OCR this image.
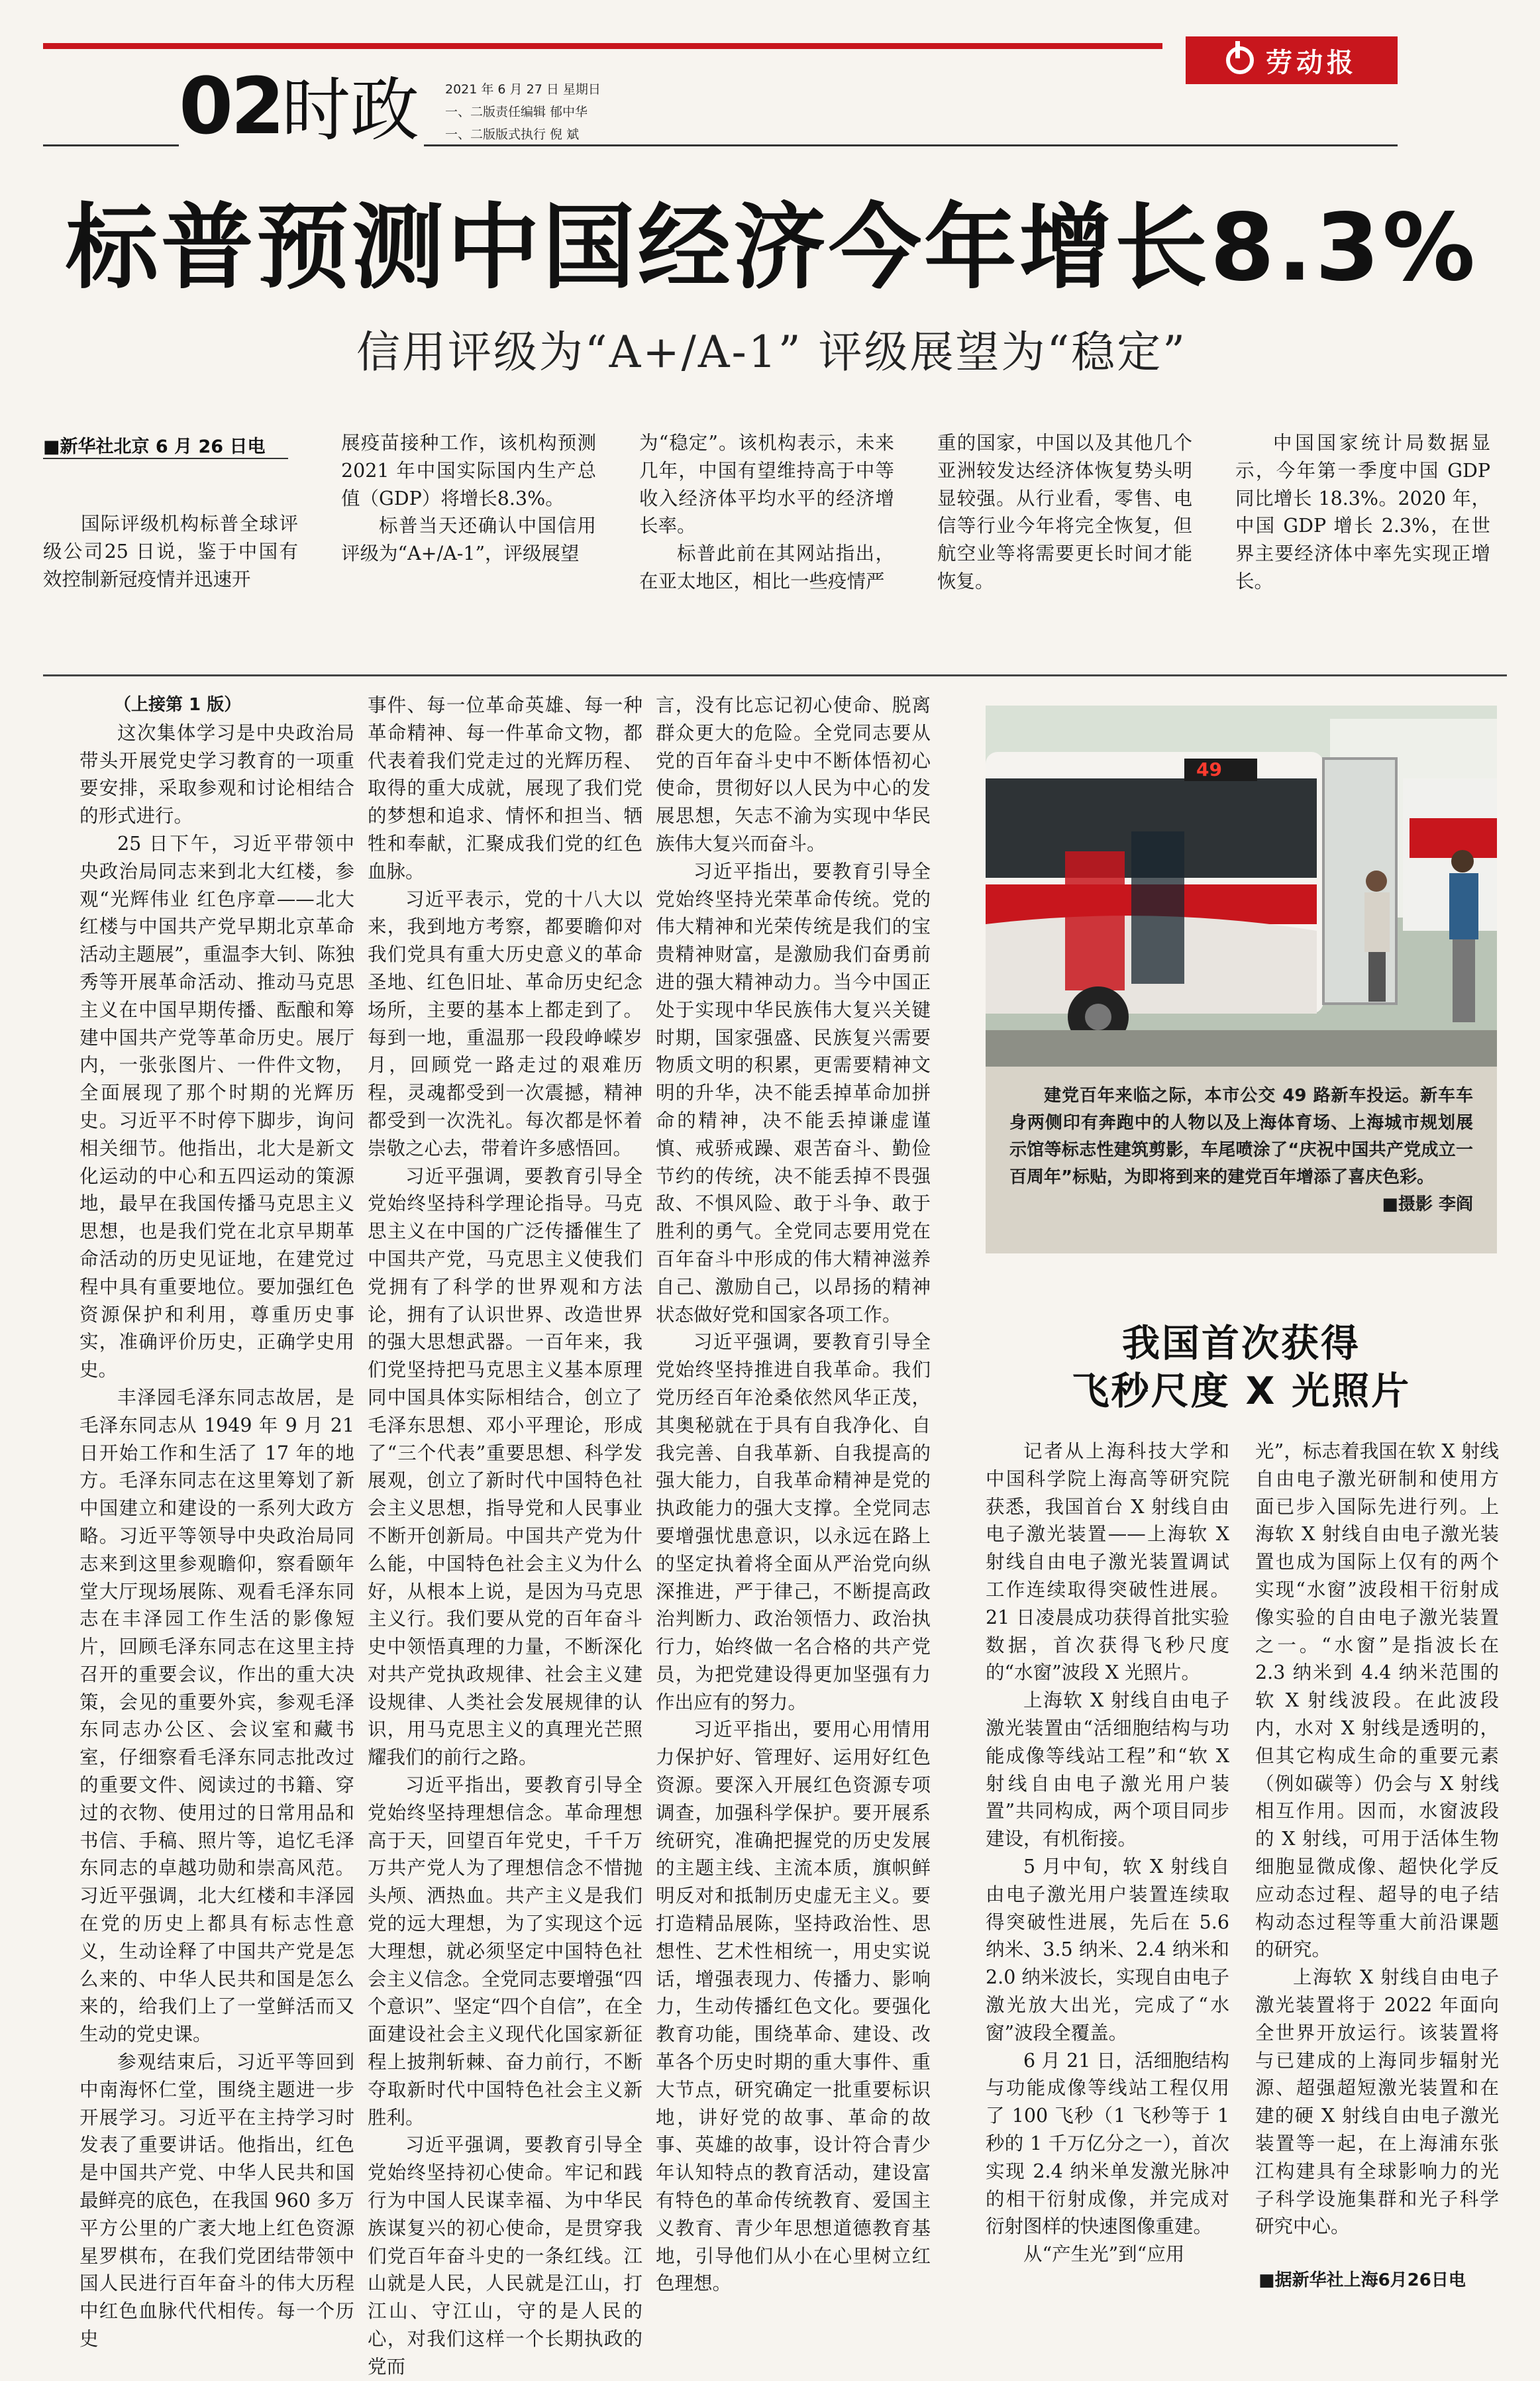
劳动报
02
时政 2021 年 6 月 27 日 星期日
一、二版责任编辑 郁中华
一、二版版式执行 倪 斌
标普预测中国经济今年增长8.3%
信用评级为“A+/A-1” 评级展望为“稳定”
■新华社北京 6 月 26 日电

国际评级机构标普全球评级公司25 日说，鉴于中国有效控制新冠疫情并迅速开

展疫苗接种工作，该机构预测 2021 年中国实际国内生产总值（GDP）将增长8.3%。

标普当天还确认中国信用评级为“A+/A-1”，评级展望

为“稳定”。该机构表示，未来几年，中国有望维持高于中等收入经济体平均水平的经济增长率。

标普此前在其网站指出，在亚太地区，相比一些疫情严

重的国家，中国以及其他几个亚洲较发达经济体恢复势头明显较强。从行业看，零售、电信等行业今年将完全恢复，但航空业等将需要更长时间才能恢复。

中国国家统计局数据显示，今年第一季度中国 GDP 同比增长 18.3%。2020 年，中国 GDP 增长 2.3%，在世界主要经济体中率先实现正增长。

（上接第 1 版）

这次集体学习是中央政治局带头开展党史学习教育的一项重要安排，采取参观和讨论相结合的形式进行。

25 日下午，习近平带领中央政治局同志来到北大红楼，参观“光辉伟业 红色序章——北大红楼与中国共产党早期北京革命活动主题展”，重温李大钊、陈独秀等开展革命活动、推动马克思主义在中国早期传播、酝酿和筹建中国共产党等革命历史。展厅内，一张张图片、一件件文物，全面展现了那个时期的光辉历史。习近平不时停下脚步，询问相关细节。他指出，北大是新文化运动的中心和五四运动的策源地，最早在我国传播马克思主义思想，也是我们党在北京早期革命活动的历史见证地，在建党过程中具有重要地位。要加强红色资源保护和利用，尊重历史事实，准确评价历史，正确学史用史。

丰泽园毛泽东同志故居，是毛泽东同志从 1949 年 9 月 21 日开始工作和生活了 17 年的地方。毛泽东同志在这里筹划了新中国建立和建设的一系列大政方略。习近平等领导中央政治局同志来到这里参观瞻仰，察看颐年堂大厅现场展陈、观看毛泽东同志在丰泽园工作生活的影像短片，回顾毛泽东同志在这里主持召开的重要会议，作出的重大决策，会见的重要外宾，参观毛泽东同志办公区、会议室和藏书室，仔细察看毛泽东同志批改过的重要文件、阅读过的书籍、穿过的衣物、使用过的日常用品和书信、手稿、照片等，追忆毛泽东同志的卓越功勋和崇高风范。习近平强调，北大红楼和丰泽园在党的历史上都具有标志性意义，生动诠释了中国共产党是怎么来的、中华人民共和国是怎么来的，给我们上了一堂鲜活而又生动的党史课。

参观结束后，习近平等回到中南海怀仁堂，围绕主题进一步开展学习。习近平在主持学习时发表了重要讲话。他指出，红色是中国共产党、中华人民共和国最鲜亮的底色，在我国 960 多万平方公里的广袤大地上红色资源星罗棋布，在我们党团结带领中国人民进行百年奋斗的伟大历程中红色血脉代代相传。每一个历史

事件、每一位革命英雄、每一种革命精神、每一件革命文物，都代表着我们党走过的光辉历程、取得的重大成就，展现了我们党的梦想和追求、情怀和担当、牺牲和奉献，汇聚成我们党的红色血脉。

习近平表示，党的十八大以来，我到地方考察，都要瞻仰对我们党具有重大历史意义的革命圣地、红色旧址、革命历史纪念场所，主要的基本上都走到了。每到一地，重温那一段段峥嵘岁月，回顾党一路走过的艰难历程，灵魂都受到一次震撼，精神都受到一次洗礼。每次都是怀着崇敬之心去，带着许多感悟回。

习近平强调，要教育引导全党始终坚持科学理论指导。马克思主义在中国的广泛传播催生了中国共产党，马克思主义使我们党拥有了科学的世界观和方法论，拥有了认识世界、改造世界的强大思想武器。一百年来，我们党坚持把马克思主义基本原理同中国具体实际相结合，创立了毛泽东思想、邓小平理论，形成了“三个代表”重要思想、科学发展观，创立了新时代中国特色社会主义思想，指导党和人民事业不断开创新局。中国共产党为什么能，中国特色社会主义为什么好，从根本上说，是因为马克思主义行。我们要从党的百年奋斗史中领悟真理的力量，不断深化对共产党执政规律、社会主义建设规律、人类社会发展规律的认识，用马克思主义的真理光芒照耀我们的前行之路。

习近平指出，要教育引导全党始终坚持理想信念。革命理想高于天，回望百年党史，千千万万共产党人为了理想信念不惜抛头颅、洒热血。共产主义是我们党的远大理想，为了实现这个远大理想，就必须坚定中国特色社会主义信念。全党同志要增强“四个意识”、坚定“四个自信”，在全面建设社会主义现代化国家新征程上披荆斩棘、奋力前行，不断夺取新时代中国特色社会主义新胜利。

习近平强调，要教育引导全党始终坚持初心使命。牢记和践行为中国人民谋幸福、为中华民族谋复兴的初心使命，是贯穿我们党百年奋斗史的一条红线。江山就是人民，人民就是江山，打江山、守江山，守的是人民的心，对我们这样一个长期执政的党而

言，没有比忘记初心使命、脱离群众更大的危险。全党同志要从党的百年奋斗史中不断体悟初心使命，贯彻好以人民为中心的发展思想，矢志不渝为实现中华民族伟大复兴而奋斗。

习近平指出，要教育引导全党始终坚持光荣革命传统。党的伟大精神和光荣传统是我们的宝贵精神财富，是激励我们奋勇前进的强大精神动力。当今中国正处于实现中华民族伟大复兴关键时期，国家强盛、民族复兴需要物质文明的积累，更需要精神文明的升华，决不能丢掉革命加拼命的精神，决不能丢掉谦虚谨慎、戒骄戒躁、艰苦奋斗、勤俭节约的传统，决不能丢掉不畏强敌、不惧风险、敢于斗争、敢于胜利的勇气。全党同志要用党在百年奋斗中形成的伟大精神滋养自己、激励自己，以昂扬的精神状态做好党和国家各项工作。

习近平强调，要教育引导全党始终坚持推进自我革命。我们党历经百年沧桑依然风华正茂，其奥秘就在于具有自我净化、自我完善、自我革新、自我提高的强大能力，自我革命精神是党的执政能力的强大支撑。全党同志要增强忧患意识，以永远在路上的坚定执着将全面从严治党向纵深推进，严于律己，不断提高政治判断力、政治领悟力、政治执行力，始终做一名合格的共产党员，为把党建设得更加坚强有力作出应有的努力。

习近平指出，要用心用情用力保护好、管理好、运用好红色资源。要深入开展红色资源专项调查，加强科学保护。要开展系统研究，准确把握党的历史发展的主题主线、主流本质，旗帜鲜明反对和抵制历史虚无主义。要打造精品展陈，坚持政治性、思想性、艺术性相统一，用史实说话，增强表现力、传播力、影响力，生动传播红色文化。要强化教育功能，围绕革命、建设、改革各个历史时期的重大事件、重大节点，研究确定一批重要标识地，讲好党的故事、革命的故事、英雄的故事，设计符合青少年认知特点的教育活动，建设富有特色的革命传统教育、爱国主义教育、青少年思想道德教育基地，引导他们从小在心里树立红色理想。

49

建党百年来临之际，本市公交 49 路新车投运。新车车身两侧印有奔跑中的人物以及上海体育场、上海城市规划展示馆等标志性建筑剪影，车尾喷涂了“庆祝中国共产党成立一百周年”标贴，为即将到来的建党百年增添了喜庆色彩。

■摄影 李阎
我国首次获得
飞秒尺度 X 光照片

记者从上海科技大学和中国科学院上海高等研究院获悉，我国首台 X 射线自由电子激光装置——上海软 X 射线自由电子激光装置调试工作连续取得突破性进展。21 日凌晨成功获得首批实验数据，首次获得飞秒尺度的“水窗”波段 X 光照片。

上海软 X 射线自由电子激光装置由“活细胞结构与功能成像等线站工程”和“软 X 射线自由电子激光用户装置”共同构成，两个项目同步建设，有机衔接。

5 月中旬，软 X 射线自由电子激光用户装置连续取得突破性进展，先后在 5.6 纳米、3.5 纳米、2.4 纳米和 2.0 纳米波长，实现自由电子激光放大出光，完成了“水窗”波段全覆盖。

6 月 21 日，活细胞结构与功能成像等线站工程仅用了 100 飞秒（1 飞秒等于 1 秒的 1 千万亿分之一），首次实现 2.4 纳米单发激光脉冲的相干衍射成像，并完成对衍射图样的快速图像重建。

从“产生光”到“应用

光”，标志着我国在软 X 射线自由电子激光研制和使用方面已步入国际先进行列。上海软 X 射线自由电子激光装置也成为国际上仅有的两个实现“水窗”波段相干衍射成像实验的自由电子激光装置之一。“水窗”是指波长在 2.3 纳米到 4.4 纳米范围的软 X 射线波段。在此波段内，水对 X 射线是透明的，但其它构成生命的重要元素（例如碳等）仍会与 X 射线相互作用。因而，水窗波段的 X 射线，可用于活体生物细胞显微成像、超快化学反应动态过程、超导的电子结构动态过程等重大前沿课题的研究。

上海软 X 射线自由电子激光装置将于 2022 年面向全世界开放运行。该装置将与已建成的上海同步辐射光源、超强超短激光装置和在建的硬 X 射线自由电子激光装置等一起，在上海浦东张江构建具有全球影响力的光子科学设施集群和光子科学研究中心。

■据新华社上海6月26日电
